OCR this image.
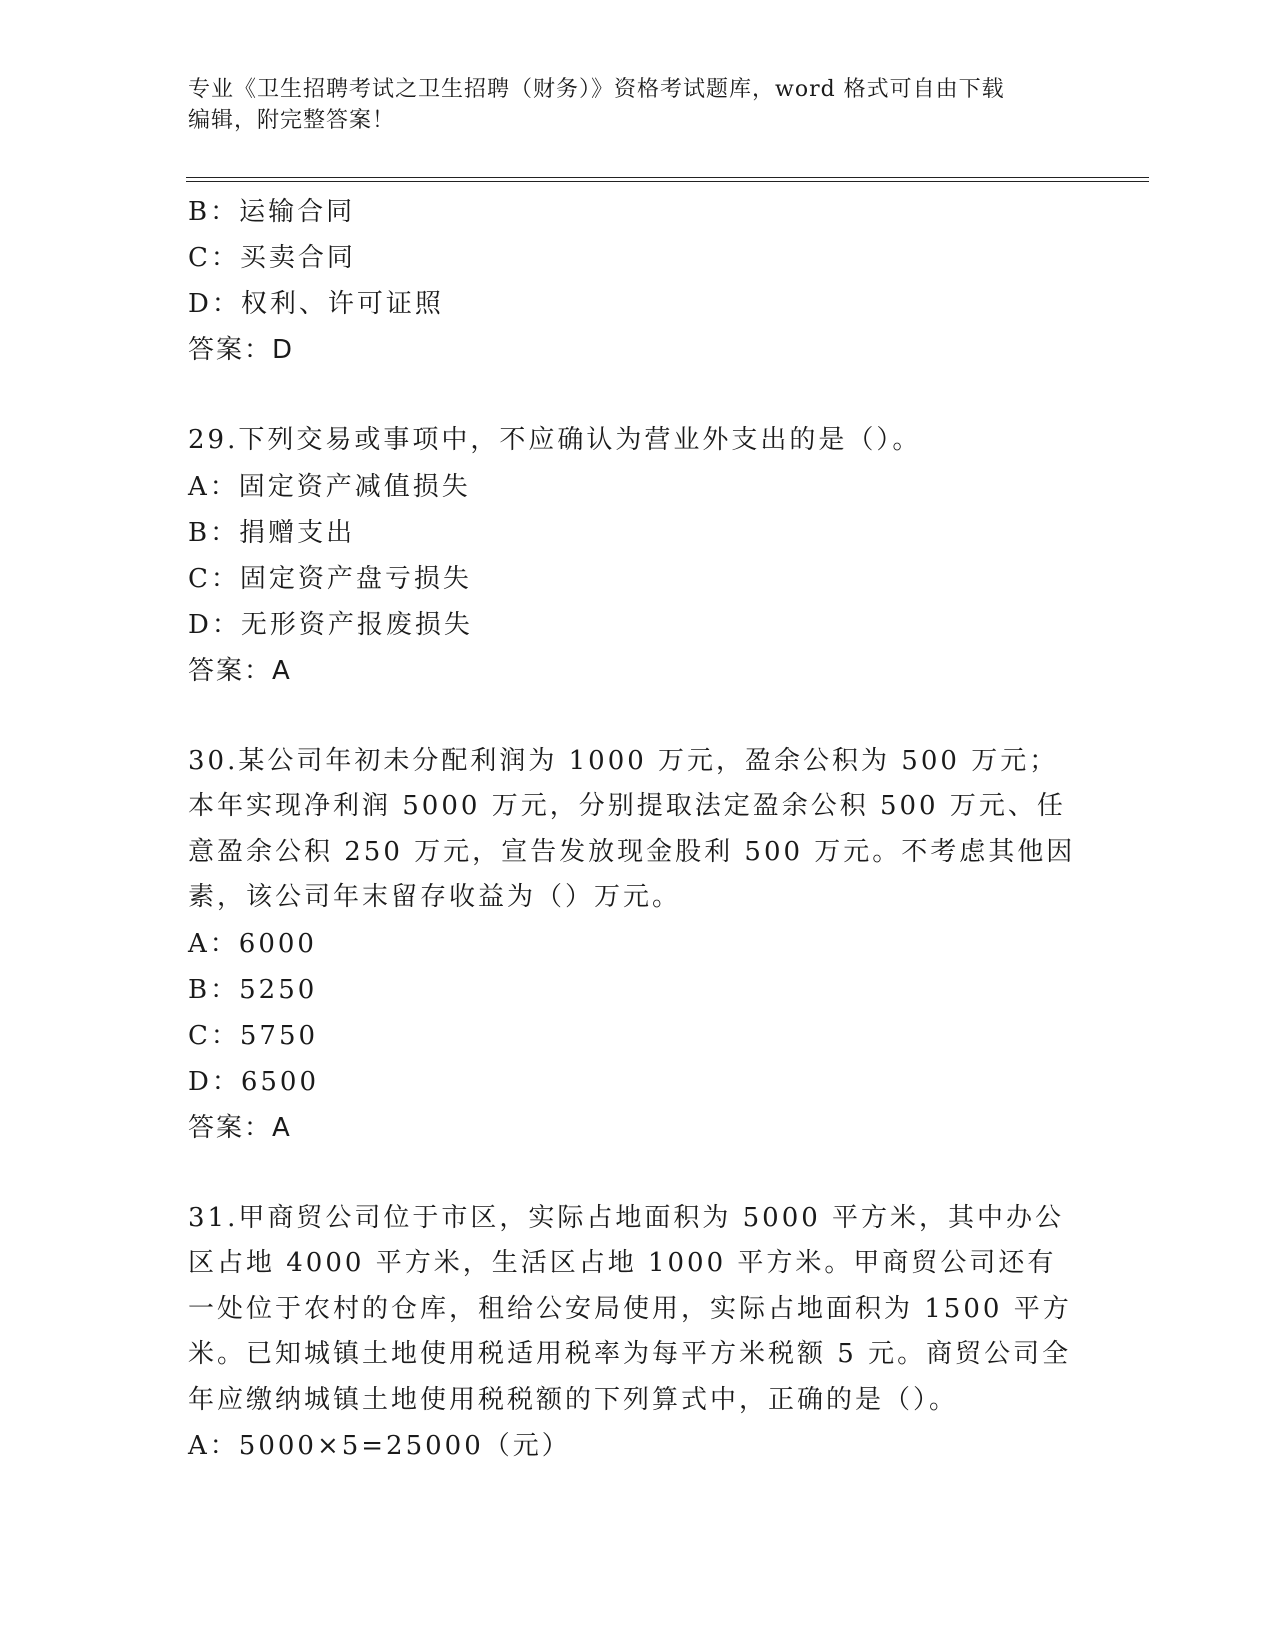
专业《卫生招聘考试之卫生招聘（财务）》资格考试题库，word 格式可自由下载
编辑，附完整答案！
B：运输合同
C：买卖合同
D：权利、许可证照
答案：D
29.下列交易或事项中，不应确认为营业外支出的是（）。
A：固定资产减值损失
B：捐赠支出
C：固定资产盘亏损失
D：无形资产报废损失
答案：A
30.某公司年初未分配利润为 1000 万元，盈余公积为 500 万元；本年实现净利润 5000 万元，分别提取法定盈余公积 500 万元、任意盈余公积 250 万元，宣告发放现金股利 500 万元。不考虑其他因素，该公司年末留存收益为（）万元。
A：6000
B：5250
C：5750
D：6500
答案：A
31.甲商贸公司位于市区，实际占地面积为 5000 平方米，其中办公区占地 4000 平方米，生活区占地 1000 平方米。甲商贸公司还有一处位于农村的仓库，租给公安局使用，实际占地面积为 1500 平方米。已知城镇土地使用税适用税率为每平方米税额 5 元。商贸公司全年应缴纳城镇土地使用税税额的下列算式中，正确的是（）。
A：5000×5=25000（元）
